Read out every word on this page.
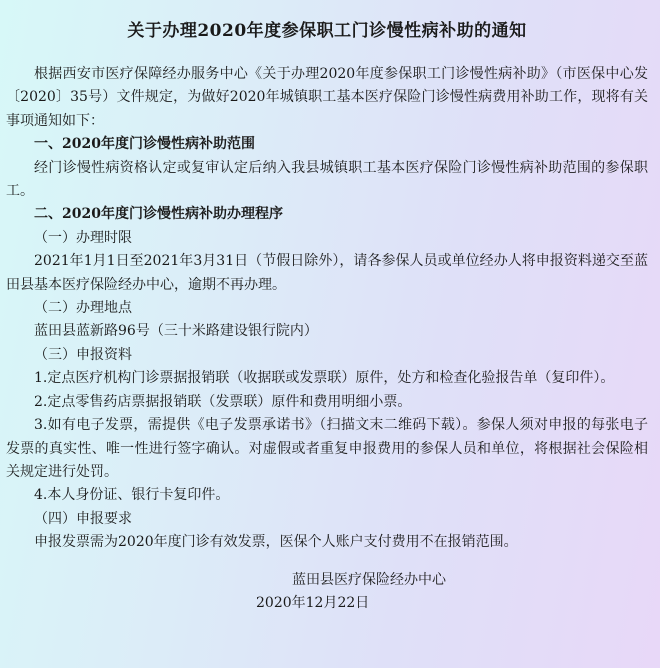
关于办理2020年度参保职工门诊慢性病补助的通知

根据西安市医疗保障经办服务中心《关于办理2020年度参保职工门诊慢性病补助》（市医保中心发〔2020〕35号）文件规定，为做好2020年城镇职工基本医疗保险门诊慢性病费用补助工作，现将有关事项通知如下：

一、2020年度门诊慢性病补助范围

经门诊慢性病资格认定或复审认定后纳入我县城镇职工基本医疗保险门诊慢性病补助范围的参保职工。

二、2020年度门诊慢性病补助办理程序

（一）办理时限

2021年1月1日至2021年3月31日（节假日除外），请各参保人员或单位经办人将申报资料递交至蓝田县基本医疗保险经办中心，逾期不再办理。

（二）办理地点

蓝田县蓝新路96号（三十米路建设银行院内）

（三）申报资料

1.定点医疗机构门诊票据报销联（收据联或发票联）原件，处方和检查化验报告单（复印件）。

2.定点零售药店票据报销联（发票联）原件和费用明细小票。

3.如有电子发票，需提供《电子发票承诺书》（扫描文末二维码下载）。参保人须对申报的每张电子发票的真实性、唯一性进行签字确认。对虚假或者重复申报费用的参保人员和单位，将根据社会保险相关规定进行处罚。

4.本人身份证、银行卡复印件。

（四）申报要求

申报发票需为2020年度门诊有效发票，医保个人账户支付费用不在报销范围。

蓝田县医疗保险经办中心
2020年12月22日
